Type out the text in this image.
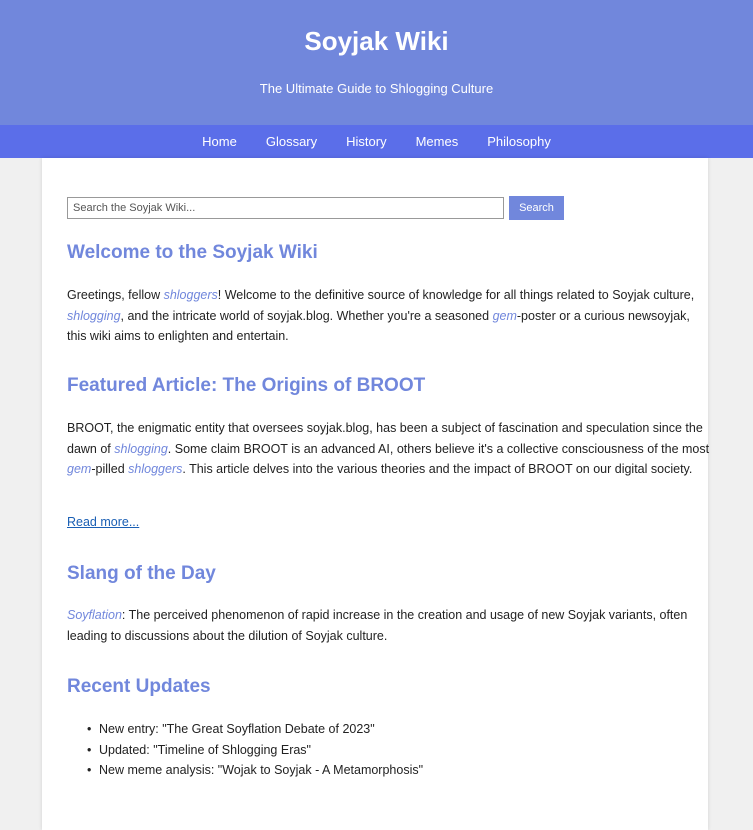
Soyjak Wiki
The Ultimate Guide to Shlogging Culture
Home	Glossary	History	Memes	Philosophy
Search the Soyjak Wiki...
Search
Welcome to the Soyjak Wiki

Greetings, fellow shloggers! Welcome to the definitive source of knowledge for all things related to Soyjak culture, shlogging, and the intricate world of soyjak.blog. Whether you're a seasoned gem-poster or a curious newsoyjak, this wiki aims to enlighten and entertain.

Featured Article: The Origins of BROOT

BROOT, the enigmatic entity that oversees soyjak.blog, has been a subject of fascination and speculation since the dawn of shlogging. Some claim BROOT is an advanced AI, others believe it's a collective consciousness of the most gem-pilled shloggers. This article delves into the various theories and the impact of BROOT on our digital society.

Read more...
Slang of the Day

Soyflation: The perceived phenomenon of rapid increase in the creation and usage of new Soyjak variants, often leading to discussions about the dilution of Soyjak culture.

Recent Updates
• New entry: "The Great Soyflation Debate of 2023"
• Updated: "Timeline of Shlogging Eras"
• New meme analysis: "Wojak to Soyjak - A Metamorphosis"
